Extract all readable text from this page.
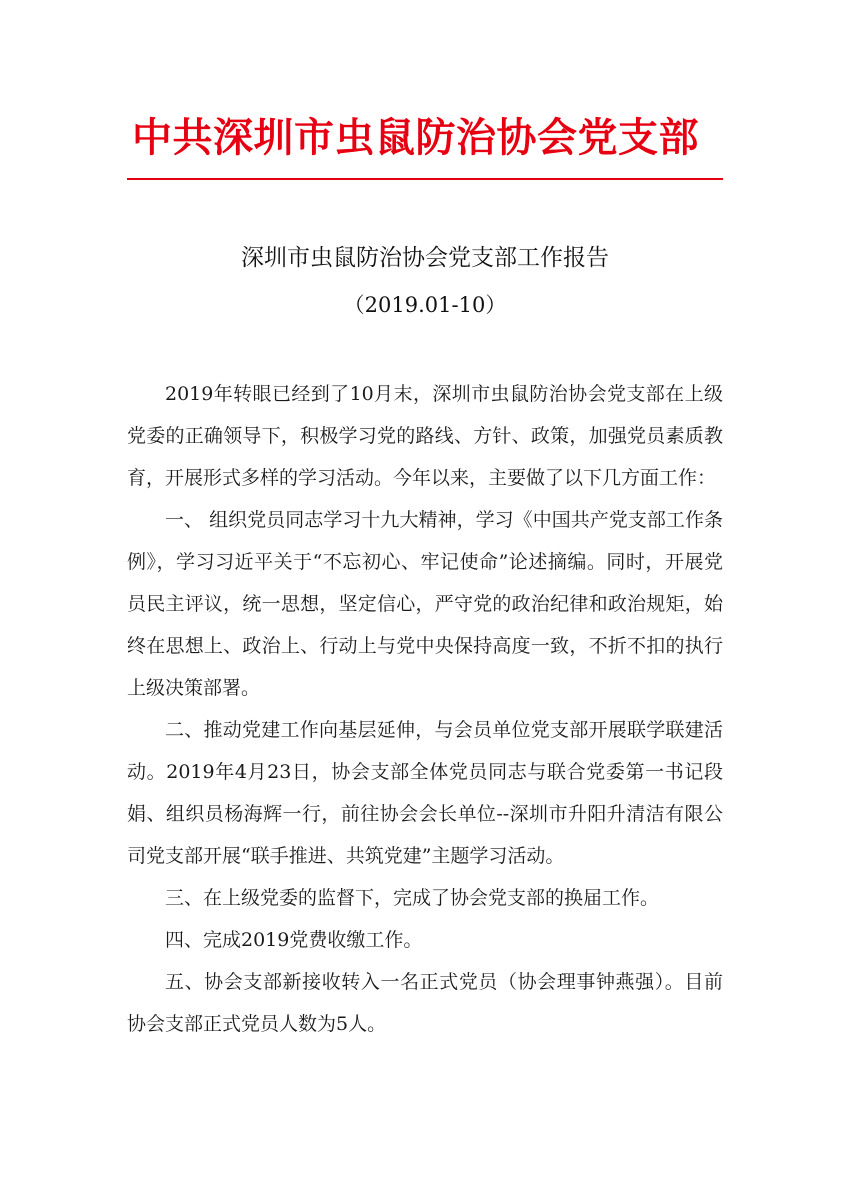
中共深圳市虫鼠防治协会党支部
深圳市虫鼠防治协会党支部工作报告

（2019.01-10）

2019年转眼已经到了10月末，深圳市虫鼠防治协会党支部在上级党委的正确领导下，积极学习党的路线、方针、政策，加强党员素质教育，开展形式多样的学习活动。今年以来，主要做了以下几方面工作：

一、 组织党员同志学习十九大精神，学习《中国共产党支部工作条例》，学习习近平关于“不忘初心、牢记使命”论述摘编。同时，开展党员民主评议，统一思想，坚定信心，严守党的政治纪律和政治规矩，始终在思想上、政治上、行动上与党中央保持高度一致，不折不扣的执行上级决策部署。

二、推动党建工作向基层延伸，与会员单位党支部开展联学联建活动。2019年4月23日，协会支部全体党员同志与联合党委第一书记段娟、组织员杨海辉一行，前往协会会长单位--深圳市升阳升清洁有限公司党支部开展“联手推进、共筑党建”主题学习活动。

三、在上级党委的监督下，完成了协会党支部的换届工作。

四、完成2019党费收缴工作。

五、协会支部新接收转入一名正式党员（协会理事钟燕强）。目前协会支部正式党员人数为5人。
